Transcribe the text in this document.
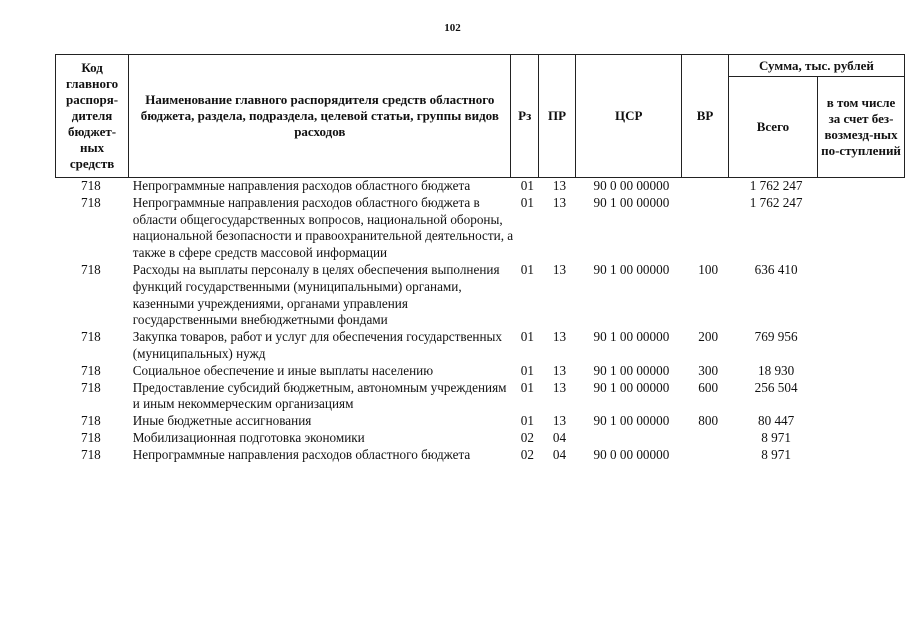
102
Код главного распоря-дителя бюджет-ных средств	Наименование главного распорядителя средств областного бюджета, раздела, подраздела, целевой статьи, группы видов расходов	Рз	ПР	ЦСР	ВР	Сумма, тыс. рублей	
						Всего	в том числе за счет без-возмезд-ных по-ступлений
718	Непрограммные направления расходов областного бюджета	01	13	90 0 00 00000		1 762 247	
718	Непрограммные направления расходов областного бюджета в области общегосударственных вопросов, национальной обороны, национальной безопасности и правоохранительной деятельности, а также в сфере средств массовой информации	01	13	90 1 00 00000		1 762 247	
718	Расходы на выплаты персоналу в целях обеспечения выполнения функций государственными (муниципальными) органами, казенными учреждениями, органами управления государственными внебюджетными фондами	01	13	90 1 00 00000	100	636 410	
718	Закупка товаров, работ и услуг для обеспечения государственных (муниципальных) нужд	01	13	90 1 00 00000	200	769 956	
718	Социальное обеспечение и иные выплаты населению	01	13	90 1 00 00000	300	18 930	
718	Предоставление субсидий бюджетным, автономным учреждениям и иным некоммерческим организациям	01	13	90 1 00 00000	600	256 504	
718	Иные бюджетные ассигнования	01	13	90 1 00 00000	800	80 447	
718	Мобилизационная подготовка экономики	02	04			8 971	
718	Непрограммные направления расходов областного бюджета	02	04	90 0 00 00000		8 971	
